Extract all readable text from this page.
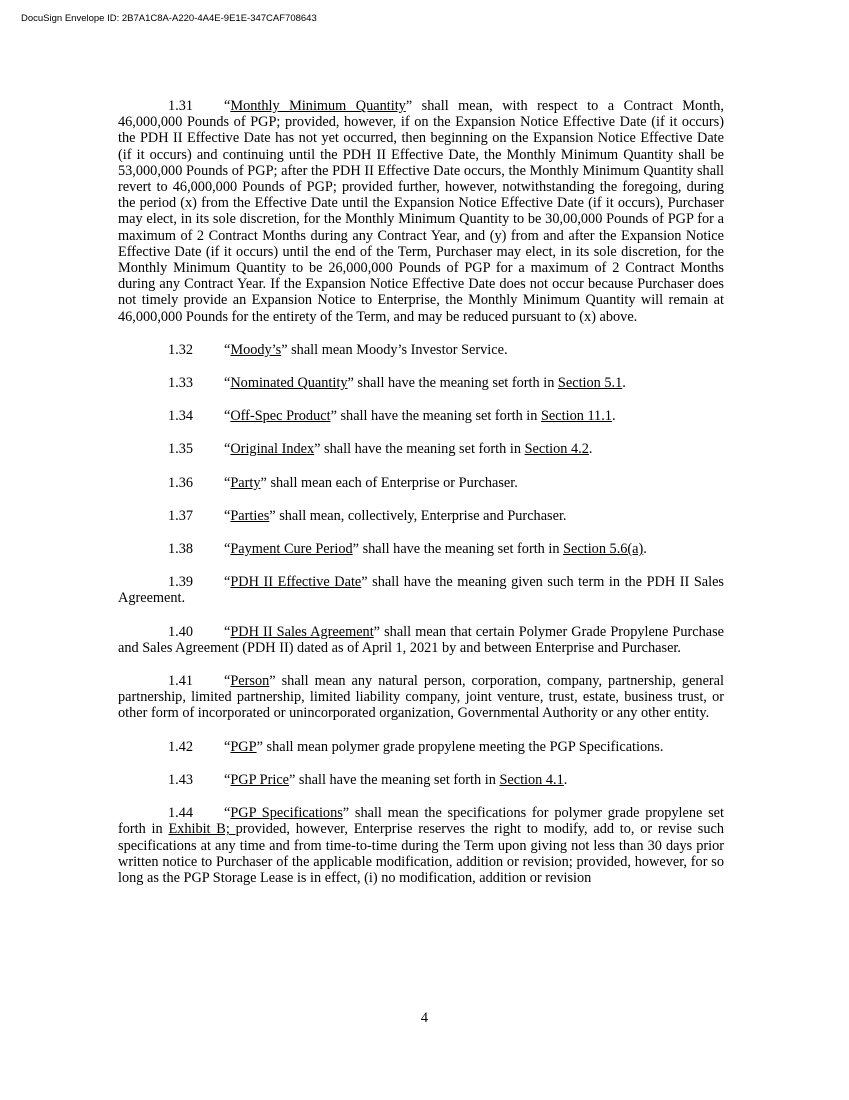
DocuSign Envelope ID: 2B7A1C8A-A220-4A4E-9E1E-347CAF708643

1.31 “Monthly Minimum Quantity” shall mean, with respect to a Contract Month, 46,000,000 Pounds of PGP; provided, however, if on the Expansion Notice Effective Date (if it occurs) the PDH II Effective Date has not yet occurred, then beginning on the Expansion Notice Effective Date (if it occurs) and continuing until the PDH II Effective Date, the Monthly Minimum Quantity shall be 53,000,000 Pounds of PGP; after the PDH II Effective Date occurs, the Monthly Minimum Quantity shall revert to 46,000,000 Pounds of PGP; provided further, however, notwithstanding the foregoing, during the period (x) from the Effective Date until the Expansion Notice Effective Date (if it occurs), Purchaser may elect, in its sole discretion, for the Monthly Minimum Quantity to be 30,00,000 Pounds of PGP for a maximum of 2 Contract Months during any Contract Year, and (y) from and after the Expansion Notice Effective Date (if it occurs) until the end of the Term, Purchaser may elect, in its sole discretion, for the Monthly Minimum Quantity to be 26,000,000 Pounds of PGP for a maximum of 2 Contract Months during any Contract Year. If the Expansion Notice Effective Date does not occur because Purchaser does not timely provide an Expansion Notice to Enterprise, the Monthly Minimum Quantity will remain at 46,000,000 Pounds for the entirety of the Term, and may be reduced pursuant to (x) above.

1.32 “Moody’s” shall mean Moody’s Investor Service.

1.33 “Nominated Quantity” shall have the meaning set forth in Section 5.1.

1.34 “Off-Spec Product” shall have the meaning set forth in Section 11.1.

1.35 “Original Index” shall have the meaning set forth in Section 4.2.

1.36 “Party” shall mean each of Enterprise or Purchaser.

1.37 “Parties” shall mean, collectively, Enterprise and Purchaser.

1.38 “Payment Cure Period” shall have the meaning set forth in Section 5.6(a).

1.39 “PDH II Effective Date” shall have the meaning given such term in the PDH II Sales Agreement.

1.40 “PDH II Sales Agreement” shall mean that certain Polymer Grade Propylene Purchase and Sales Agreement (PDH II) dated as of April 1, 2021 by and between Enterprise and Purchaser.

1.41 “Person” shall mean any natural person, corporation, company, partnership, general partnership, limited partnership, limited liability company, joint venture, trust, estate, business trust, or other form of incorporated or unincorporated organization, Governmental Authority or any other entity.

1.42 “PGP” shall mean polymer grade propylene meeting the PGP Specifications.

1.43 “PGP Price” shall have the meaning set forth in Section 4.1.

1.44 “PGP Specifications” shall mean the specifications for polymer grade propylene set forth in Exhibit B; provided, however, Enterprise reserves the right to modify, add to, or revise such specifications at any time and from time-to-time during the Term upon giving not less than 30 days prior written notice to Purchaser of the applicable modification, addition or revision; provided, however, for so long as the PGP Storage Lease is in effect, (i) no modification, addition or revision

4
